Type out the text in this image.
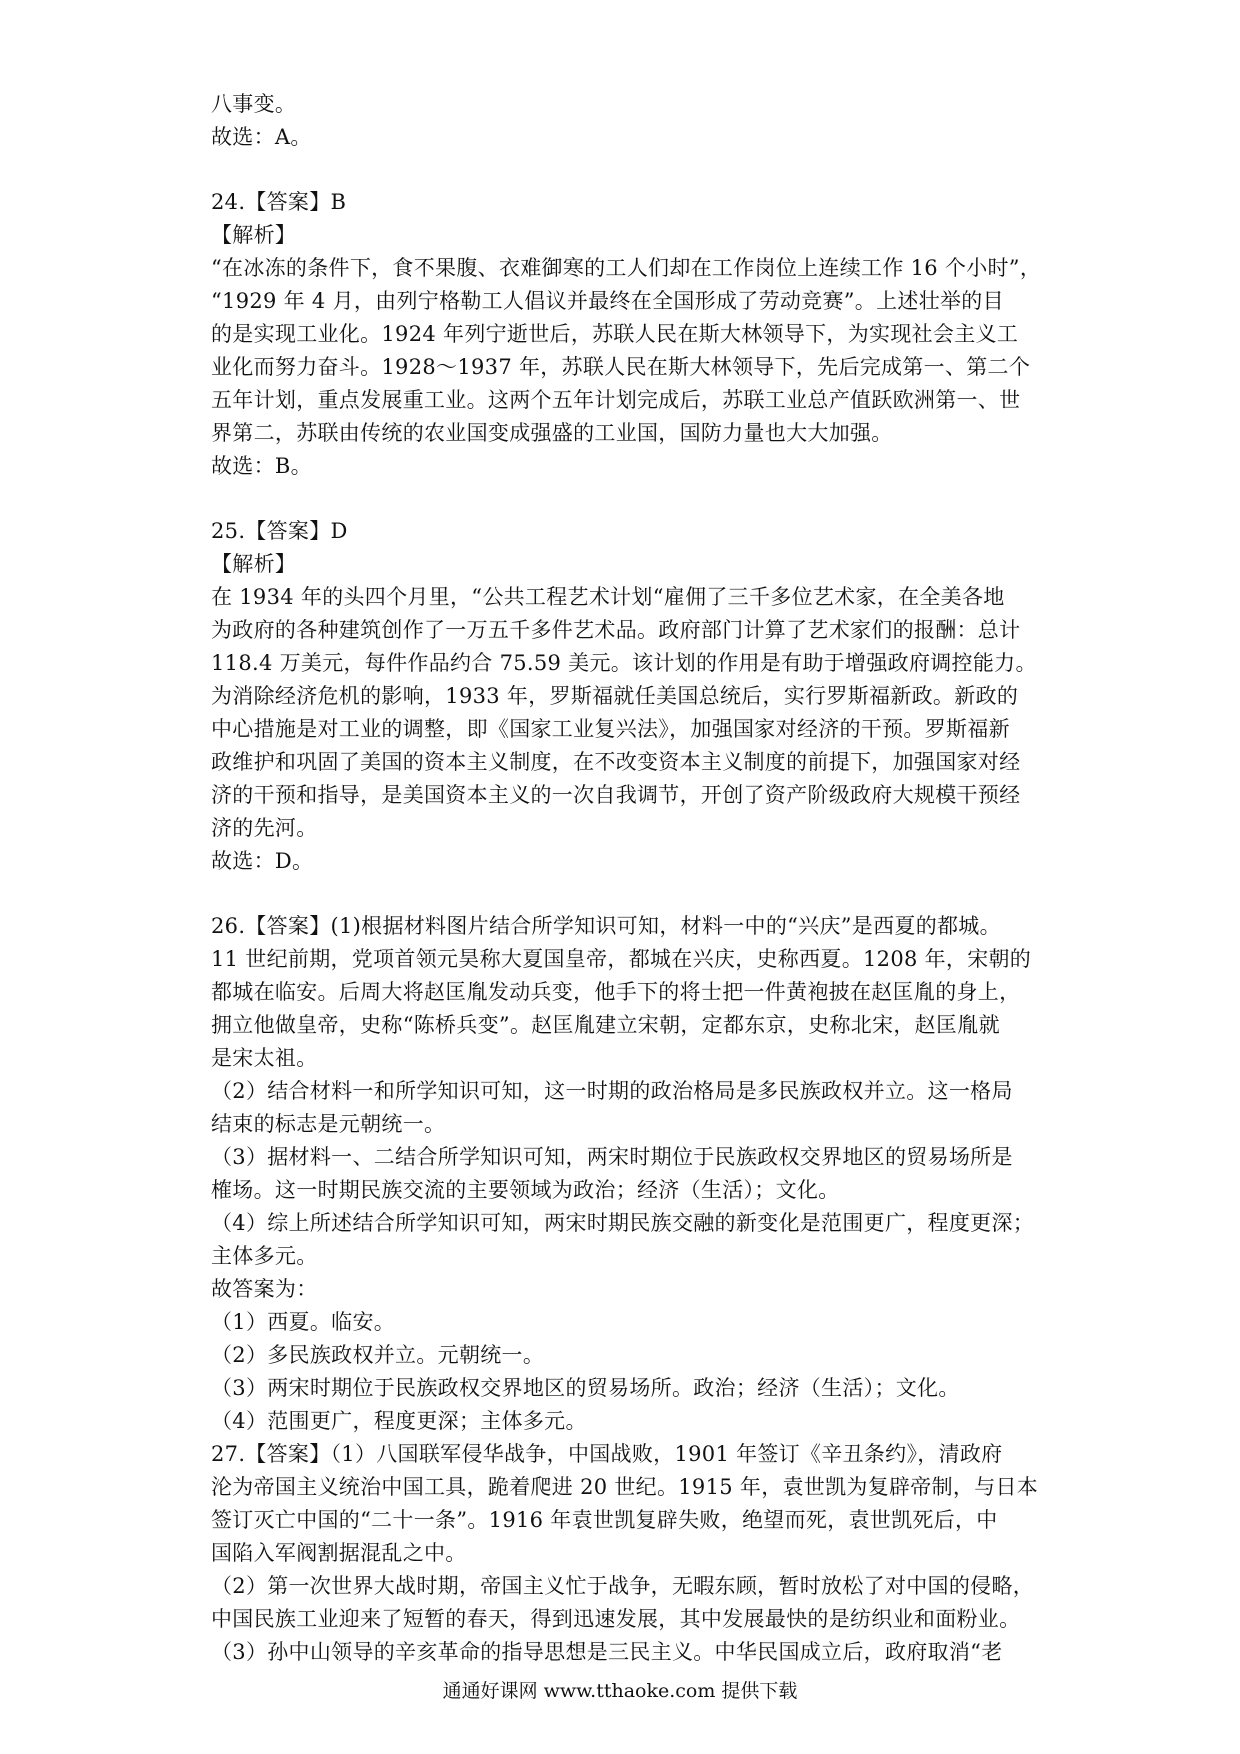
八事变。
故选：A。
24.【答案】B
【解析】
“在冰冻的条件下，食不果腹、衣难御寒的工人们却在工作岗位上连续工作 16 个小时”，
“1929 年 4 月，由列宁格勒工人倡议并最终在全国形成了劳动竞赛”。上述壮举的目
的是实现工业化。1924 年列宁逝世后，苏联人民在斯大林领导下，为实现社会主义工
业化而努力奋斗。1928～1937 年，苏联人民在斯大林领导下，先后完成第一、第二个
五年计划，重点发展重工业。这两个五年计划完成后，苏联工业总产值跃欧洲第一、世
界第二，苏联由传统的农业国变成强盛的工业国，国防力量也大大加强。
故选：B。
25.【答案】D
【解析】
在 1934 年的头四个月里，“公共工程艺术计划“雇佣了三千多位艺术家，在全美各地
为政府的各种建筑创作了一万五千多件艺术品。政府部门计算了艺术家们的报酬：总计
118.4 万美元，每件作品约合 75.59 美元。该计划的作用是有助于增强政府调控能力。
为消除经济危机的影响，1933 年，罗斯福就任美国总统后，实行罗斯福新政。新政的
中心措施是对工业的调整，即《国家工业复兴法》，加强国家对经济的干预。罗斯福新
政维护和巩固了美国的资本主义制度，在不改变资本主义制度的前提下，加强国家对经
济的干预和指导，是美国资本主义的一次自我调节，开创了资产阶级政府大规模干预经
济的先河。
故选：D。
26.【答案】(1)根据材料图片结合所学知识可知，材料一中的“兴庆”是西夏的都城。
11 世纪前期，党项首领元昊称大夏国皇帝，都城在兴庆，史称西夏。1208 年，宋朝的
都城在临安。后周大将赵匡胤发动兵变，他手下的将士把一件黄袍披在赵匡胤的身上，
拥立他做皇帝，史称“陈桥兵变”。赵匡胤建立宋朝，定都东京，史称北宋，赵匡胤就
是宋太祖。
（2）结合材料一和所学知识可知，这一时期的政治格局是多民族政权并立。这一格局
结束的标志是元朝统一。
（3）据材料一、二结合所学知识可知，两宋时期位于民族政权交界地区的贸易场所是
榷场。这一时期民族交流的主要领域为政治；经济（生活）；文化。
（4）综上所述结合所学知识可知，两宋时期民族交融的新变化是范围更广，程度更深；
主体多元。
故答案为：
（1）西夏。临安。
（2）多民族政权并立。元朝统一。
（3）两宋时期位于民族政权交界地区的贸易场所。政治；经济（生活）；文化。
（4）范围更广，程度更深；主体多元。
27.【答案】（1）八国联军侵华战争，中国战败，1901 年签订《辛丑条约》，清政府
沦为帝国主义统治中国工具，跪着爬进 20 世纪。1915 年，袁世凯为复辟帝制，与日本
签订灭亡中国的“二十一条”。1916 年袁世凯复辟失败，绝望而死，袁世凯死后，中
国陷入军阀割据混乱之中。
（2）第一次世界大战时期，帝国主义忙于战争，无暇东顾，暂时放松了对中国的侵略，
中国民族工业迎来了短暂的春天，得到迅速发展，其中发展最快的是纺织业和面粉业。
（3）孙中山领导的辛亥革命的指导思想是三民主义。中华民国成立后，政府取消“老
通通好课网 www.tthaoke.com 提供下载
